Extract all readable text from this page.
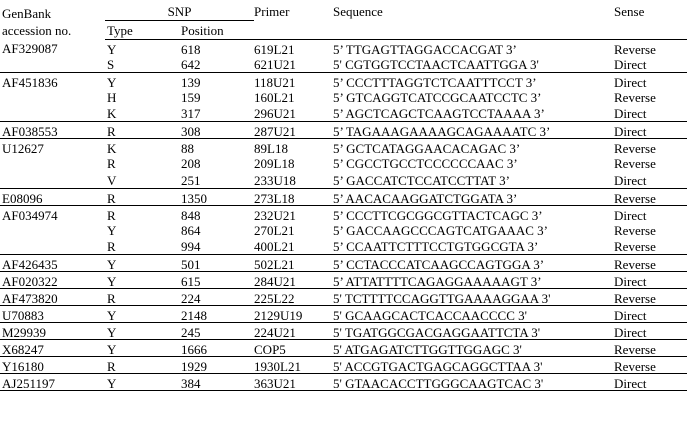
GenBank
accession no.	SNP		Primer	Sequence	Sense
	Type	Position			
AF329087	Y	618	619L21	5’ TTGAGTTAGGACCACGAT 3’	Reverse
	S	642	621U21	5' CGTGGTCCTAACTCAATTGGA 3'	Direct
AF451836	Y	139	118U21	5’ CCCTTTAGGTCTCAATTTCCT 3’	Direct
	H	159	160L21	5’ GTCAGGTCATCCGCAATCCTC 3’	Reverse
	K	317	296U21	5’ AGCTCAGCTCAAGTCCTAAAA 3’	Direct
AF038553	R	308	287U21	5’ TAGAAAGAAAAGCAGAAAATC 3’	Direct
U12627	K	88	89L18	5’ GCTCATAGGAACACAGAC 3’	Reverse
	R	208	209L18	5’ CGCCTGCCTCCCCCCAAC 3’	Reverse
	V	251	233U18	5’ GACCATCTCCATCCTTAT 3’	Direct
E08096	R	1350	273L18	5’ AACACAAGGATCTGGATA 3’	Reverse
AF034974	R	848	232U21	5’ CCCTTCGCGGCGTTACTCAGC 3’	Direct
	Y	864	270L21	5’ GACCAAGCCCAGTCATGAAAC 3’	Reverse
	R	994	400L21	5’ CCAATTCTTTCCTGTGGCGTA 3’	Reverse
AF426435	Y	501	502L21	5’ CCTACCCATCAAGCCAGTGGA 3’	Reverse
AF020322	Y	615	284U21	5’ ATTATTTTCAGAGGAAAAAGT 3’	Direct
AF473820	R	224	225L22	5' TCTTTTCCAGGTTGAAAAGGAA 3'	Reverse
U70883	Y	2148	2129U19	5' GCAAGCACTCACCAACCCC 3'	Direct
M29939	Y	245	224U21	5' TGATGGCGACGAGGAATTCTA 3'	Direct
X68247	Y	1666	COP5	5' ATGAGATCTTGGTTGGAGC 3'	Reverse
Y16180	R	1929	1930L21	5' ACCGTGACTGAGCAGGCTTAA 3'	Reverse
AJ251197	Y	384	363U21	5' GTAACACCTTGGGCAAGTCAC 3'	Direct
